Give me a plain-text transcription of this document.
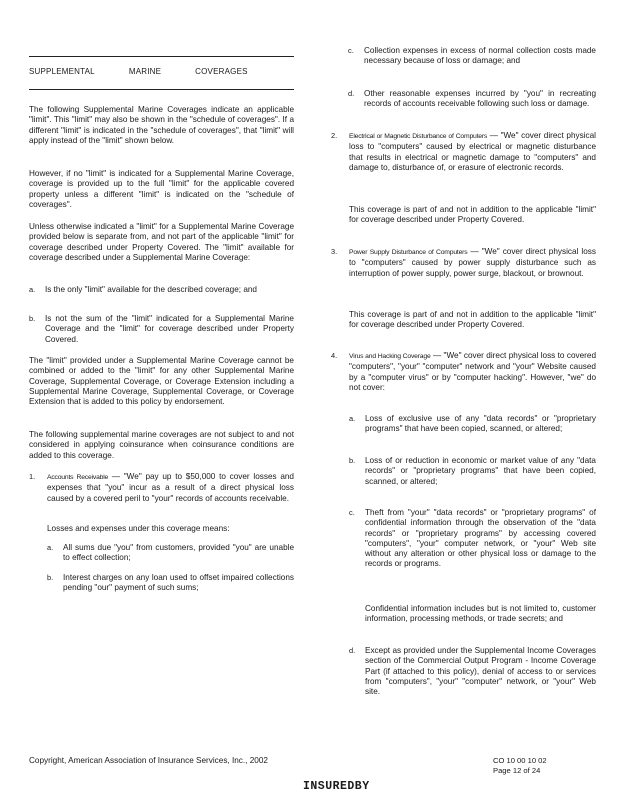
SUPPLEMENTAL	MARINE	COVERAGES

The following Supplemental Marine Coverages indicate an applicable "limit". This "limit" may also be shown in the "schedule of coverages". If a different "limit" is indicated in the "schedule of coverages", that "limit" will apply instead of the "limit" shown below.

However, if no "limit" is indicated for a Supplemental Marine Coverage, coverage is provided up to the full "limit" for the applicable covered property unless a different "limit" is indicated on the "schedule of coverages".

Unless otherwise indicated a "limit" for a Supplemental Marine Coverage provided below is separate from, and not part of the applicable "limit" for coverage described under Property Covered. The "limit" available for coverage described under a Supplemental Marine Coverage:

a.	Is the only "limit" available for the described coverage; and
b.	Is not the sum of the "limit" indicated for a Supplemental Marine Coverage and the "limit" for coverage described under Property Covered.

The "limit" provided under a Supplemental Marine Coverage cannot be combined or added to the "limit" for any other Supplemental Marine Coverage, Supplemental Coverage, or Coverage Extension including a Supplemental Marine Coverage, Supplemental Coverage, or Coverage Extension that is added to this policy by endorsement.

The following supplemental marine coverages are not subject to and not considered in applying coinsurance when coinsurance conditions are added to this coverage.

1.	Accounts Receivable — "We" pay up to $50,000 to cover losses and expenses that "you" incur as a result of a direct physical loss caused by a covered peril to "your" records of accounts receivable.

Losses and expenses under this coverage means:

a.	All sums due "you" from customers, provided "you" are unable to effect collection;
b.	Interest charges on any loan used to offset impaired collections pending "our" payment of such sums;
c.	Collection expenses in excess of normal collection costs made necessary because of loss or damage; and
d.	Other reasonable expenses incurred by "you" in recreating records of accounts receivable following such loss or damage.
2.	Electrical or Magnetic Disturbance of Computers — "We" cover direct physical loss to "computers" caused by electrical or magnetic disturbance that results in electrical or magnetic damage to "computers" and damage to, disturbance of, or erasure of electronic records.

This coverage is part of and not in addition to the applicable "limit" for coverage described under Property Covered.

3.	Power Supply Disturbance of Computers — "We" cover direct physical loss to "computers" caused by power supply disturbance such as interruption of power supply, power surge, blackout, or brownout.

This coverage is part of and not in addition to the applicable "limit" for coverage described under Property Covered.

4.	Virus and Hacking Coverage — "We" cover direct physical loss to covered "computers", "your" "computer" network and "your" Website caused by a "computer virus" or by "computer hacking". However, "we" do not cover:
a.	Loss of exclusive use of any "data records" or "proprietary programs" that have been copied, scanned, or altered;
b.	Loss of or reduction in economic or market value of any "data records" or "proprietary programs" that have been copied, scanned, or altered;
c.	Theft from "your" "data records" or "proprietary programs" of confidential information through the observation of the "data records" or "proprietary programs" by accessing covered "computers", "your" computer network, or "your" Web site without any alteration or other physical loss or damage to the records or programs.

Confidential information includes but is not limited to, customer information, processing methods, or trade secrets; and

d.	Except as provided under the Supplemental Income Coverages section of the Commercial Output Program - Income Coverage Part (if attached to this policy), denial of access to or services from "computers", "your" "computer" network, or "your" Web site.
Copyright, American Association of Insurance Services, Inc., 2002	CO 10 00 10 02
Page 12 of 24
INSUREDBY
